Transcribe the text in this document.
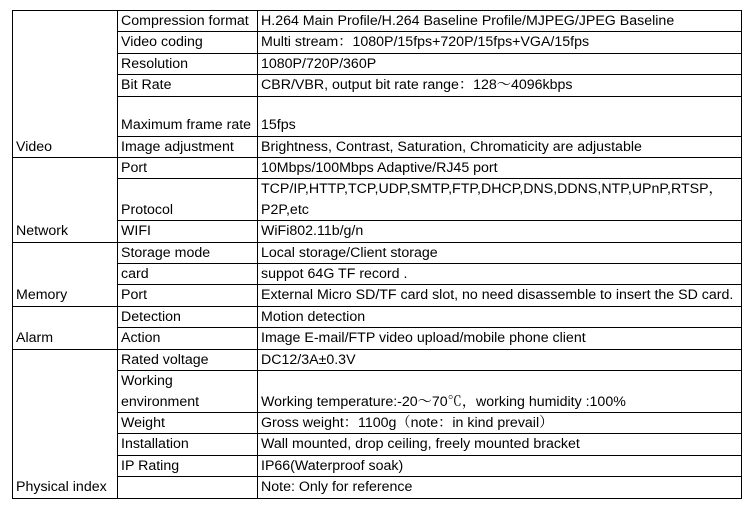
Video	Compression format	H.264 Main Profile/H.264 Baseline Profile/MJPEG/JPEG Baseline
	Video coding	Multi stream：1080P/15fps+720P/15fps+VGA/15fps
	Resolution	1080P/720P/360P
	Bit Rate	CBR/VBR, output bit rate range：128～4096kbps
	Maximum frame rate	15fps
	Image adjustment	Brightness, Contrast, Saturation, Chromaticity are adjustable
Network	Port	10Mbps/100Mbps Adaptive/RJ45 port
	Protocol	TCP/IP,HTTP,TCP,UDP,SMTP,FTP,DHCP,DNS,DDNS,NTP,UPnP,RTSP，P2P,etc
	WIFI	WiFi802.11b/g/n
Memory	Storage mode	Local storage/Client storage
	card	suppot 64G TF record .
	Port	External Micro SD/TF card slot, no need disassemble to insert the SD card.
Alarm	Detection	Motion detection
	Action	Image E-mail/FTP video upload/mobile phone client
Physical index	Rated voltage	DC12/3A±0.3V
	Working environment	Working temperature:-20～70℃，working humidity :100%
	Weight	Gross weight：1100g（note：in kind prevail）
	Installation	Wall mounted, drop ceiling, freely mounted bracket
	IP Rating	IP66(Waterproof soak)
		Note: Only for reference
